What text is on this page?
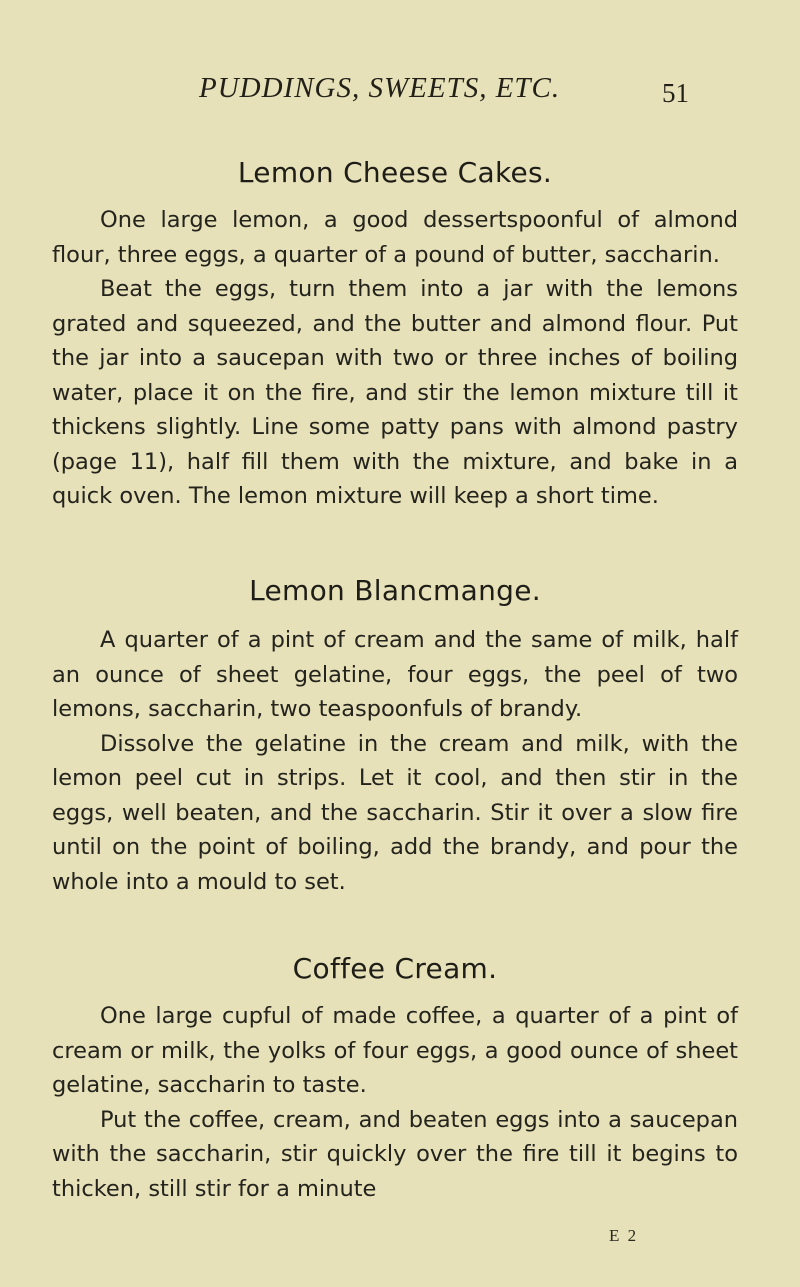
PUDDINGS, SWEETS, ETC.	51
Lemon Cheese Cakes.

One large lemon, a good dessertspoonful of almond flour, three eggs, a quarter of a pound of butter, saccharin.

Beat the eggs, turn them into a jar with the lemons grated and squeezed, and the butter and almond flour. Put the jar into a saucepan with two or three inches of boiling water, place it on the fire, and stir the lemon mixture till it thickens slightly. Line some patty pans with almond pastry (page 11), half fill them with the mixture, and bake in a quick oven. The lemon mixture will keep a short time.

Lemon Blancmange.

A quarter of a pint of cream and the same of milk, half an ounce of sheet gelatine, four eggs, the peel of two lemons, saccharin, two teaspoonfuls of brandy.

Dissolve the gelatine in the cream and milk, with the lemon peel cut in strips. Let it cool, and then stir in the eggs, well beaten, and the saccharin. Stir it over a slow fire until on the point of boiling, add the brandy, and pour the whole into a mould to set.

Coffee Cream.

One large cupful of made coffee, a quarter of a pint of cream or milk, the yolks of four eggs, a good ounce of sheet gelatine, saccharin to taste.

Put the coffee, cream, and beaten eggs into a saucepan with the saccharin, stir quickly over the fire till it begins to thicken, still stir for a minute

E 2
